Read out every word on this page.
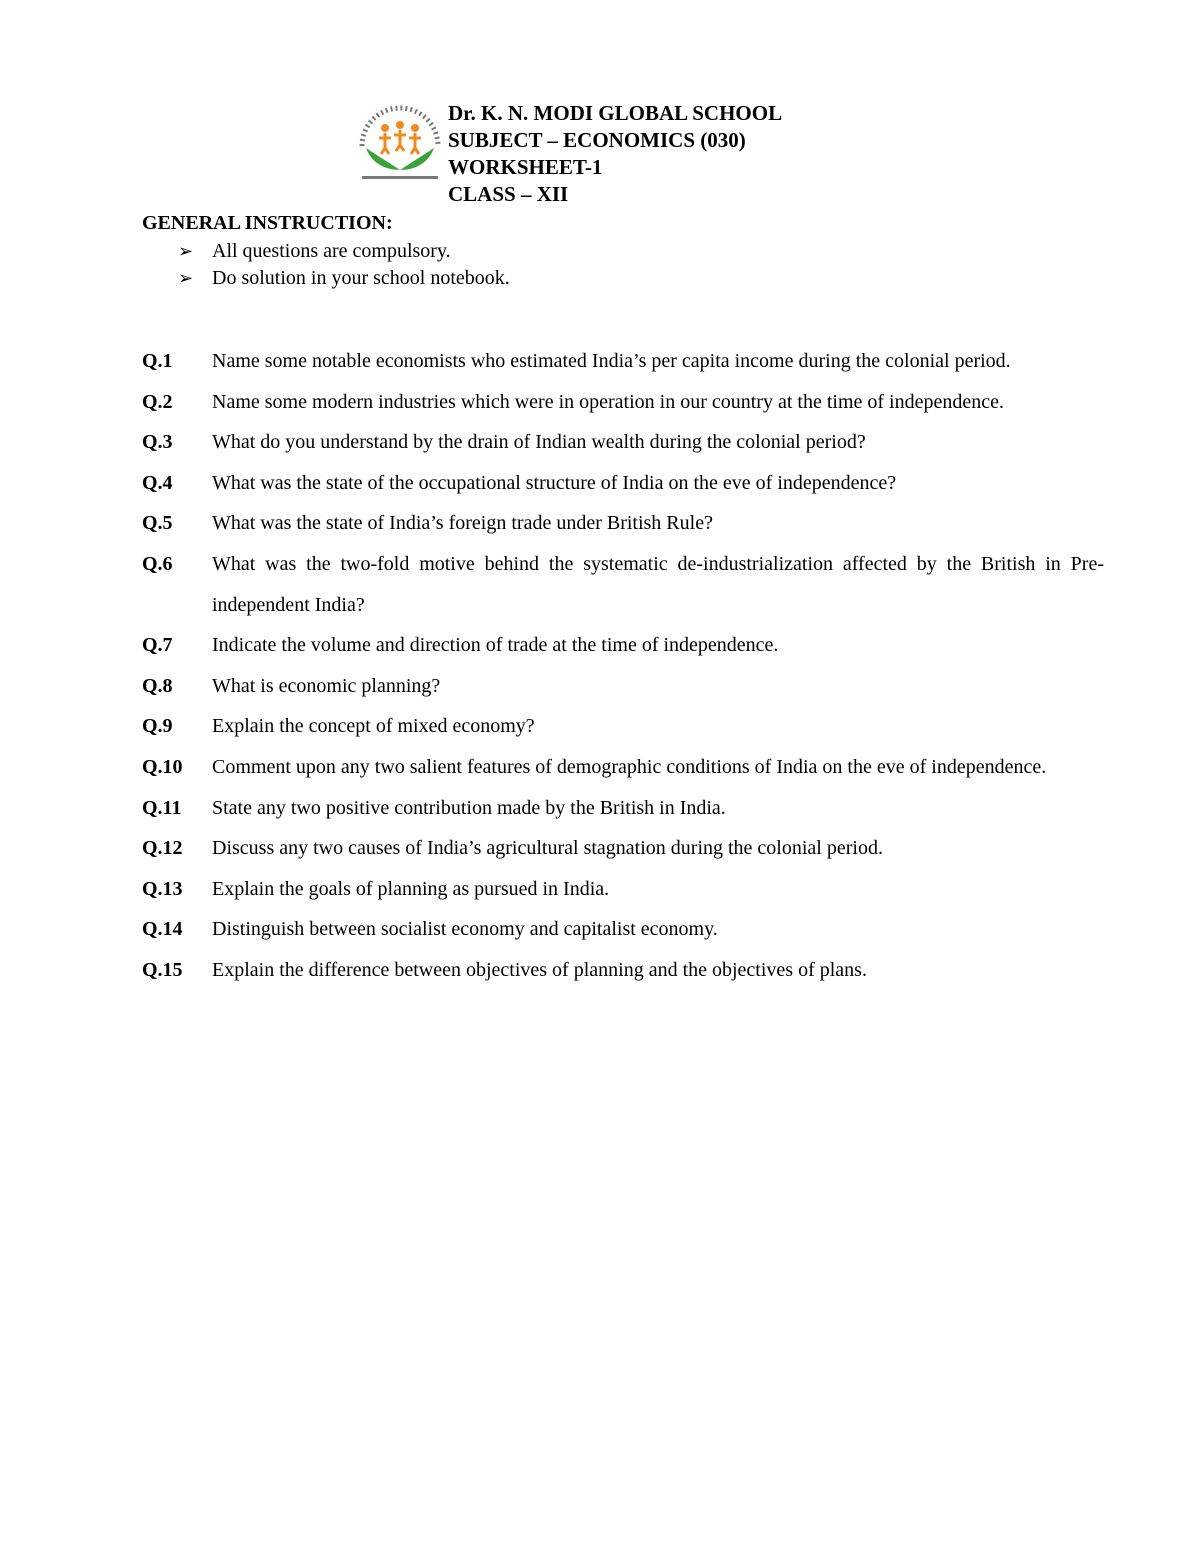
Dr. K. N. MODI GLOBAL SCHOOL
SUBJECT – ECONOMICS (030)
WORKSHEET-1
CLASS – XII
GENERAL INSTRUCTION:
➢ All questions are compulsory.
➢ Do solution in your school notebook.
Q.1	Name some notable economists who estimated India’s per capita income during the colonial period.
Q.2	Name some modern industries which were in operation in our country at the time of independence.
Q.3	What do you understand by the drain of Indian wealth during the colonial period?
Q.4	What was the state of the occupational structure of India on the eve of independence?
Q.5	What was the state of India’s foreign trade under British Rule?
Q.6	What was the two-fold motive behind the systematic de-industrialization affected by the British in Pre-independent India?
Q.7	Indicate the volume and direction of trade at the time of independence.
Q.8	What is economic planning?
Q.9	Explain the concept of mixed economy?
Q.10	Comment upon any two salient features of demographic conditions of India on the eve of independence.
Q.11	State any two positive contribution made by the British in India.
Q.12	Discuss any two causes of India’s agricultural stagnation during the colonial period.
Q.13	Explain the goals of planning as pursued in India.
Q.14	Distinguish between socialist economy and capitalist economy.
Q.15	Explain the difference between objectives of planning and the objectives of plans.
